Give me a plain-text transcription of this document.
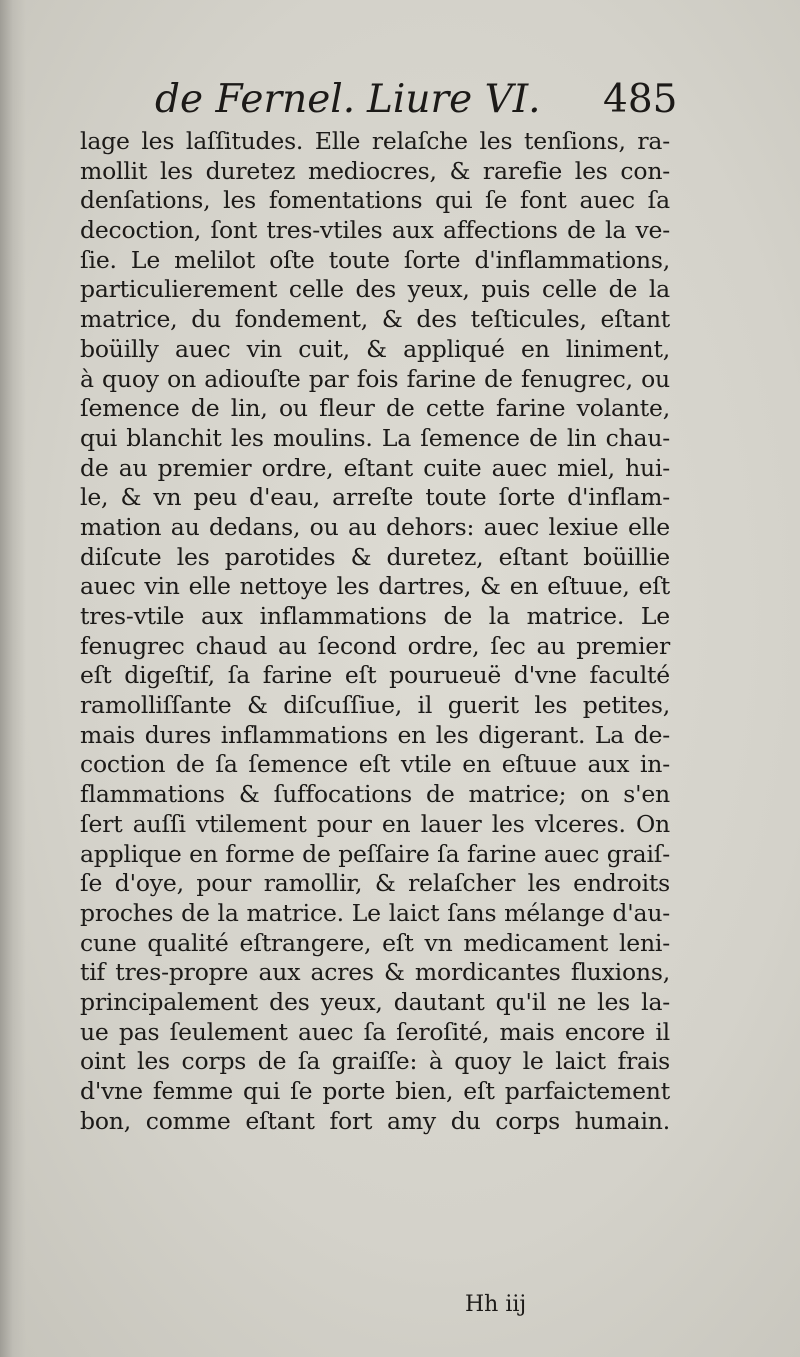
de Fernel. Liure VI. 485
lage les laſſitudes. Elle relaſche les tenſions, ra-
mollit les duretez mediocres, & rarefie les con-
denſations, les fomentations qui ſe font auec ſa
decoction, ſont tres-vtiles aux affections de la ve-
ſie. Le melilot oſte toute ſorte d'inflammations,
particulierement celle des yeux, puis celle de la
matrice, du fondement, & des teſticules, eſtant
boüilly auec vin cuit, & appliqué en liniment,
à quoy on adiouſte par fois farine de fenugrec, ou
ſemence de lin, ou fleur de cette farine volante,
qui blanchit les moulins. La ſemence de lin chau-
de au premier ordre, eſtant cuite auec miel, hui-
le, & vn peu d'eau, arreſte toute ſorte d'inflam-
mation au dedans, ou au dehors: auec lexiue elle
diſcute les parotides & duretez, eſtant boüillie
auec vin elle nettoye les dartres, & en eſtuue, eſt
tres-vtile aux inflammations de la matrice. Le
fenugrec chaud au ſecond ordre, ſec au premier
eſt digeſtif, ſa farine eſt pourueuë d'vne faculté
ramolliſſante & diſcuſſiue, il guerit les petites,
mais dures inflammations en les digerant. La de-
coction de ſa ſemence eſt vtile en eſtuue aux in-
flammations & ſuffocations de matrice; on s'en
ſert auſſi vtilement pour en lauer les vlceres. On
applique en forme de peſſaire ſa farine auec graiſ-
ſe d'oye, pour ramollir, & relaſcher les endroits
proches de la matrice. Le laict ſans mélange d'au-
cune qualité eſtrangere, eſt vn medicament leni-
tif tres-propre aux acres & mordicantes fluxions,
principalement des yeux, dautant qu'il ne les la-
ue pas ſeulement auec ſa ſeroſité, mais encore il
oint les corps de ſa graiſſe: à quoy le laict frais
d'vne femme qui ſe porte bien, eſt parfaictement
bon, comme eſtant fort amy du corps humain.
Hh iij
